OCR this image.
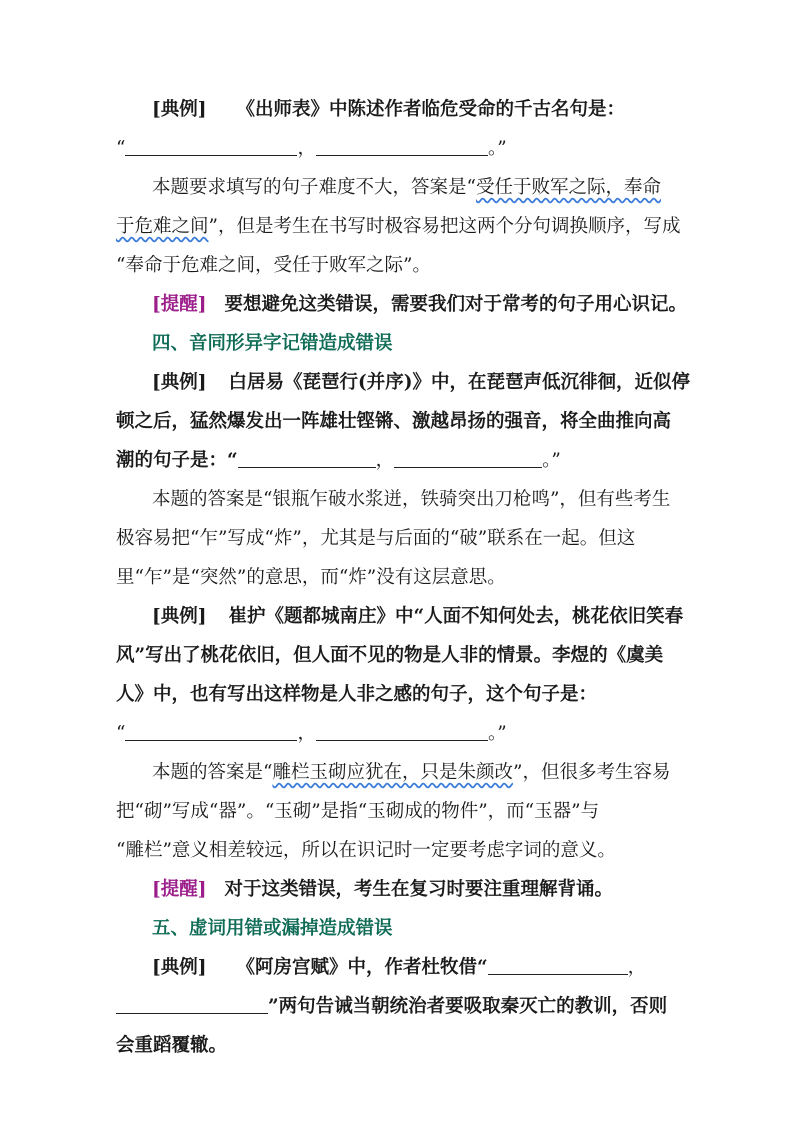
[典例] 《出师表》中陈述作者临危受命的千古名句是：
“	，	。”
本题要求填写的句子难度不大，答案是“受任于败军之际，奉命
于危难之间”，但是考生在书写时极容易把这两个分句调换顺序，写成
“奉命于危难之间，受任于败军之际”。
[提醒] 要想避免这类错误，需要我们对于常考的句子用心识记。
四、音同形异字记错造成错误
[典例] 白居易《琵琶行(并序)》中，在琵琶声低沉徘徊，近似停
顿之后，猛然爆发出一阵雄壮铿锵、激越昂扬的强音，将全曲推向高
潮的句子是：“	，	。”
本题的答案是“银瓶乍破水浆迸，铁骑突出刀枪鸣”，但有些考生
极容易把“乍”写成“炸”，尤其是与后面的“破”联系在一起。但这
里“乍”是“突然”的意思，而“炸”没有这层意思。
[典例] 崔护《题都城南庄》中“人面不知何处去，桃花依旧笑春
风”写出了桃花依旧，但人面不见的物是人非的情景。李煜的《虞美
人》中，也有写出这样物是人非之感的句子，这个句子是：
“	，	。”
本题的答案是“雕栏玉砌应犹在，只是朱颜改”，但很多考生容易
把“砌”写成“器”。“玉砌”是指“玉砌成的物件”，而“玉器”与
“雕栏”意义相差较远，所以在识记时一定要考虑字词的意义。
[提醒] 对于这类错误，考生在复习时要注重理解背诵。
五、虚词用错或漏掉造成错误
[典例] 《阿房宫赋》中，作者杜牧借“	，
”两句告诫当朝统治者要吸取秦灭亡的教训，否则
会重蹈覆辙。
